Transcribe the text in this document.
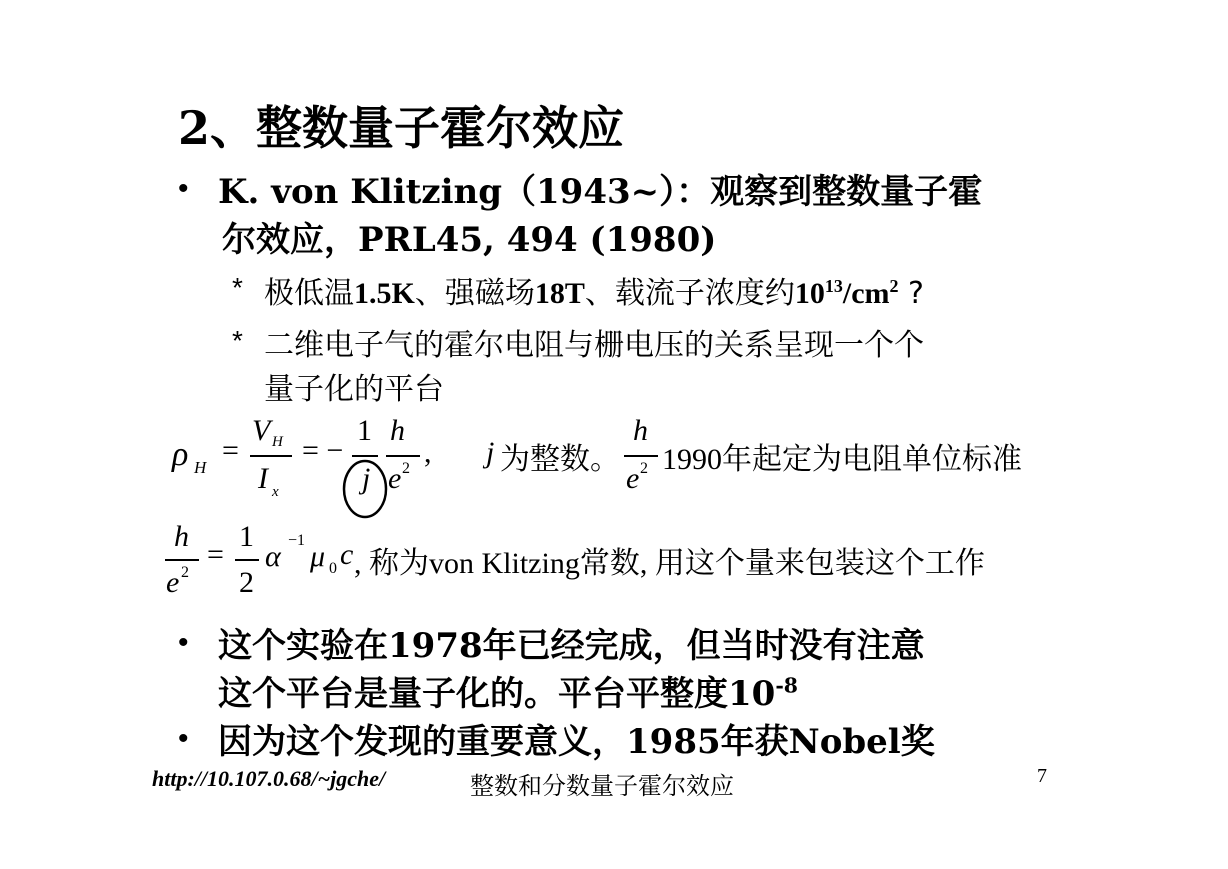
2、整数量子霍尔效应
• K. von Klitzing（1943~）：观察到整数量子霍
尔效应，PRL45, 494 (1980)
* 极低温1.5K、强磁场18T、载流子浓度约$10^{13}/cm^2$ ?
* 二维电子气的霍尔电阻与栅电压的关系呈现一个个
量子化的平台
ρ H
=
V H
I x
= −
1
j
h
e 2 , j 为整数。
h
e 2 1990年起定为电阻单位标准
h
e 2
=
1
2
α −1 μ 0 c , 称为von Klitzing常数, 用这个量来包装这个工作
• 这个实验在1978年已经完成，但当时没有注意
这个平台是量子化的。平台平整度$10^{-8}$
• 因为这个发现的重要意义，1985年获Nobel奖
http://10.107.0.68/~jgche/	整数和分数量子霍尔效应	7
